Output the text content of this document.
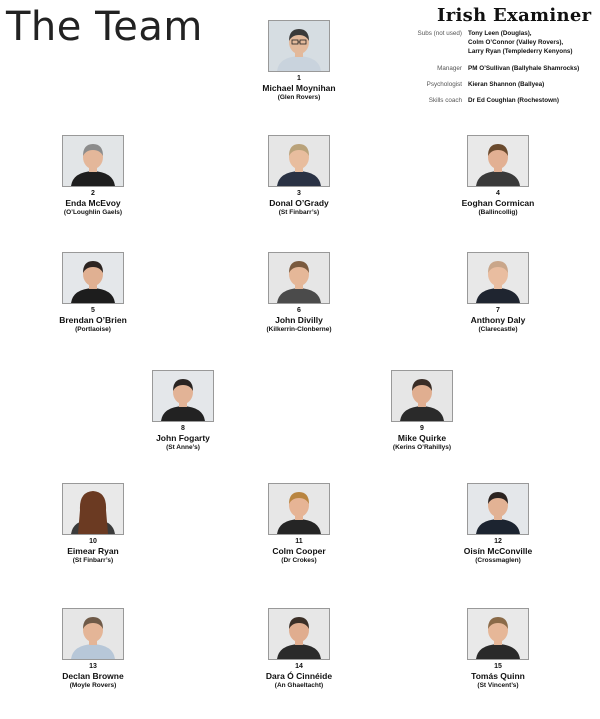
The Team	Irish Examiner
Subs (not used) Tony Leen (Douglas),
Colm O’Connor (Valley Rovers),
Larry Ryan (Templederry Kenyons)
Manager PM O’Sullivan (Ballyhale Shamrocks)
Psychologist Kieran Shannon (Ballyea)
Skills coach Dr Ed Coughlan (Rochestown)
1
Michael Moynihan
(Glen Rovers)
2
Enda McEvoy
(O’Loughlin Gaels)
3
Donal O’Grady
(St Finbarr’s)
4
Eoghan Cormican
(Ballincollig)
5
Brendan O’Brien
(Portlaoise)
6
John Divilly
(Kilkerrin-Clonberne)
7
Anthony Daly
(Clarecastle)
8
John Fogarty
(St Anne’s)
9
Mike Quirke
(Kerins O’Rahillys)
10
Eimear Ryan
(St Finbarr’s)
11
Colm Cooper
(Dr Crokes)
12
Oisín McConville
(Crossmaglen)
13
Declan Browne
(Moyle Rovers)
14
Dara Ó Cinnéide
(An Ghaeltacht)
15
Tomás Quinn
(St Vincent’s)
